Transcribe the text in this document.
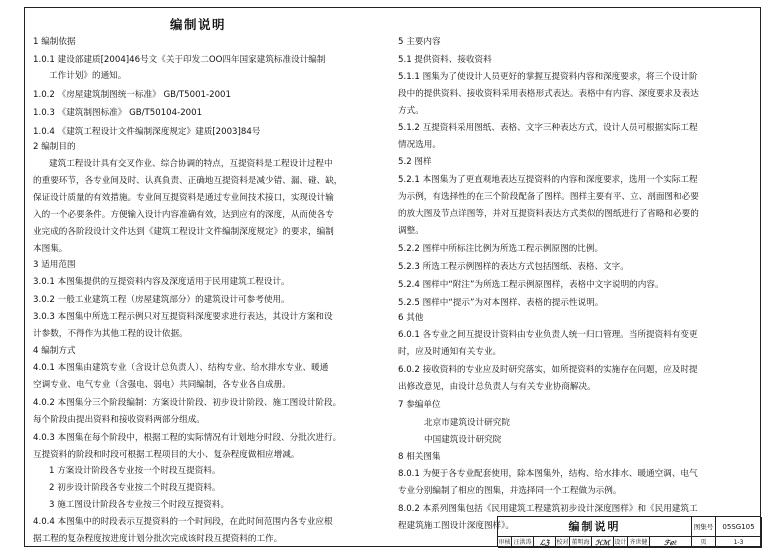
编制说明
1 编制依据
1.0.1 建设部建质[2004]46号文《关于印发二OO四年国家建筑标准设计编制
工作计划》的通知。
1.0.2 《房屋建筑制图统一标准》 GB/T5001-2001
1.0.3 《建筑制图标准》 GB/T50104-2001
1.0.4 《建筑工程设计文件编制深度规定》建质[2003]84号
2 编制目的
建筑工程设计具有交叉作业、综合协调的特点，互提资料是工程设计过程中
的重要环节，各专业间及时、认真負责、正确地互提资料是减少错、漏、碰、缺，
保证设计质量的有效措施。专业间互提资料是通过专业间技术接口，实现设计输
入的一个必要条件。方便输入设计内容准确有效，达到应有的深度，从而使各专
业完成的各阶段设计文件达到《建筑工程设计文件编制深度规定》的要求，编制
本图集。
3 适用范围
3.0.1 本图集提供的互提资料内容及深度适用于民用建筑工程设计。
3.0.2 一般工业建筑工程（房屋建筑部分）的建筑设计可参考使用。
3.0.3 本图集中所选工程示例只对互提资料深度要求进行表达，其设计方案和设
计参数，不得作为其他工程的设计依据。
4 编制方式
4.0.1 本图集由建筑专业（含设计总负责人）、结构专业、给水排水专业、暖通
空调专业、电气专业（含强电、弱电）共同编制，各专业各自成册。
4.0.2 本图集分三个阶段编制：方案设计阶段、初步设计阶段、施工图设计阶段。
每个阶段由提出资料和接收资料两部分组成。
4.0.3 本图集在每个阶段中，根据工程的实际情况有计划地分时段、分批次进行。
互提资料的阶段和时段可根据工程项目的大小、复杂程度做相应增减。
1 方案设计阶段各专业按一个时段互提资料。
2 初步设计阶段各专业按二个时段互提资料。
3 施工图设计阶段各专业按三个时段互提资料。
4.0.4 本图集中的时段表示互提资料的一个时间段，在此时间范围内各专业应根
据工程的复杂程度按进度计划分批次完成该时段互提资料的工作。
5 主要内容
5.1 提供资料、接收资料
5.1.1 图集为了使设计人员更好的掌握互提资料内容和深度要求，将三个设计阶
段中的提供资料、接收资料采用表格形式表达。表格中有内容、深度要求及表达
方式。
5.1.2 互提资料采用图纸、表格、文字三种表达方式，设计人员可根据实际工程
情况选用。
5.2 图样
5.2.1 本图集为了更直观地表达互提资料的内容和深度要求，选用一个实际工程
为示例，有选择性的在三个阶段配备了图样。图样主要有平、立、剖面图和必要
的放大图及节点详图等，并对互提资料表达方式类似的图纸进行了省略和必要的
调整。
5.2.2 图样中所标注比例为所选工程示例原图的比例。
5.2.3 所选工程示例图样的表达方式包括图纸、表格、文字。
5.2.4 图样中“附注”为所选工程示例原图样，表格中文字说明的内容。
5.2.5 图样中“提示”为对本图样、表格的提示性说明。
6 其他
6.0.1 各专业之间互提设计资料由专业负责人统一归口管理。当所提资料有变更
时，应及时通知有关专业。
6.0.2 接收资料的专业应及时研究落实，如所提资料的实施存在问题，应及时提
出修改意见，由设计总负责人与有关专业协商解决。
7 参编单位
北京市建筑设计研究院
中国建筑设计研究院
8 相关图集
8.0.1 为便于各专业配套使用，除本图集外，结构、给水排水、暖通空调、电气
专业分别编制了相应的图集，并选择同一个工程做为示例。
8.0.2 本系列图集包括《民用建筑工程建筑初步设计深度图样》和《民用建筑工
程建筑施工图设计深度图样》。	编制说明	图集号	05SG105
审核 汪洪涛	ℒℨ	校对 董明海 ℋℳ 设计 齐世健	ℱℯℓ	页	1-3
